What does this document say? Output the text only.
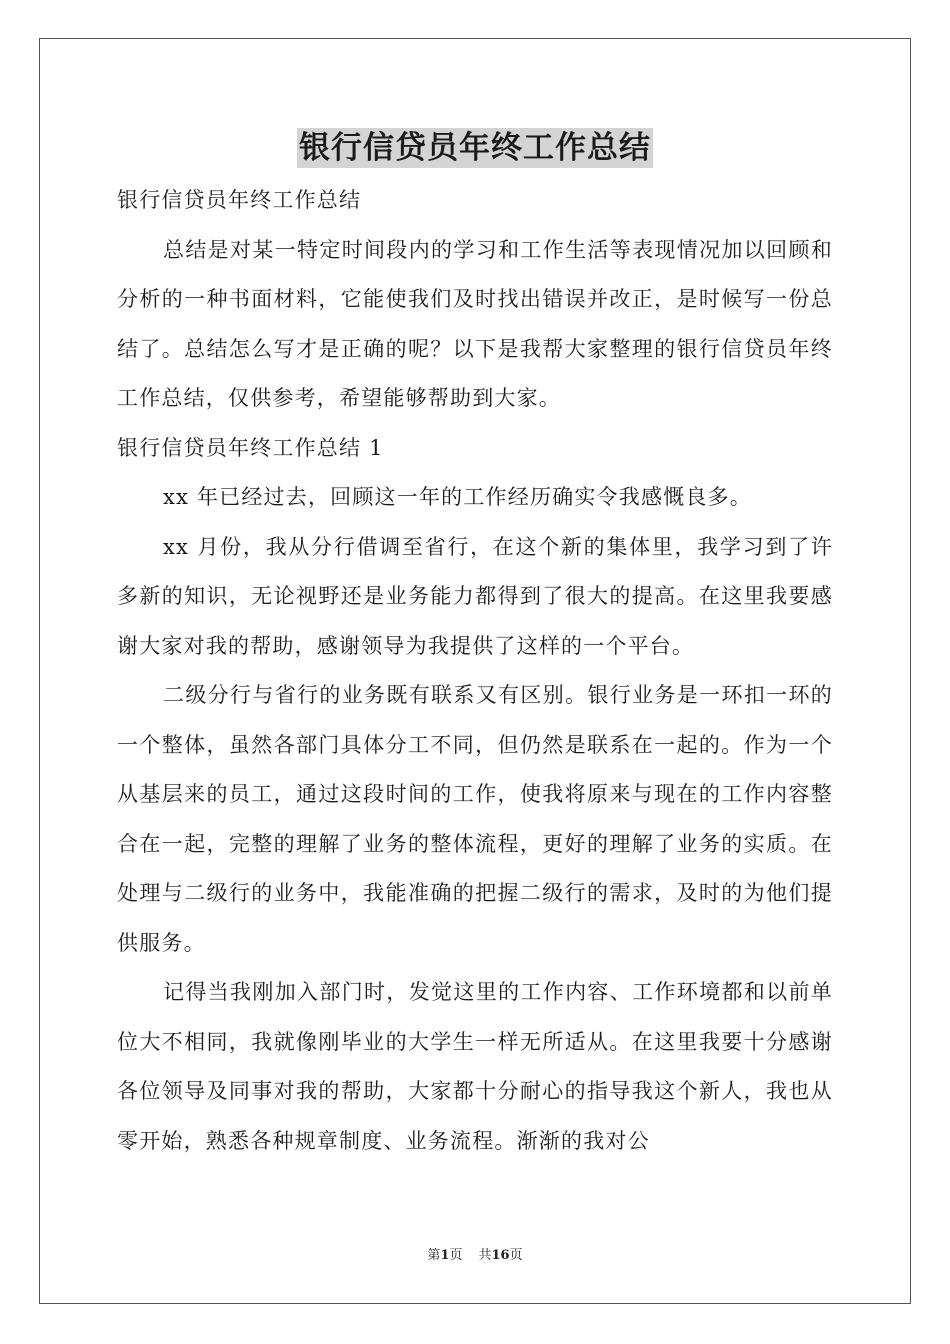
银行信贷员年终工作总结

银行信贷员年终工作总结

总结是对某一特定时间段内的学习和工作生活等表现情况加以回顾和分析的一种书面材料，它能使我们及时找出错误并改正，是时候写一份总结了。总结怎么写才是正确的呢？以下是我帮大家整理的银行信贷员年终工作总结，仅供参考，希望能够帮助到大家。

银行信贷员年终工作总结 1

xx 年已经过去，回顾这一年的工作经历确实令我感慨良多。

xx 月份，我从分行借调至省行，在这个新的集体里，我学习到了许多新的知识，无论视野还是业务能力都得到了很大的提高。在这里我要感谢大家对我的帮助，感谢领导为我提供了这样的一个平台。

二级分行与省行的业务既有联系又有区别。银行业务是一环扣一环的一个整体，虽然各部门具体分工不同，但仍然是联系在一起的。作为一个从基层来的员工，通过这段时间的工作，使我将原来与现在的工作内容整合在一起，完整的理解了业务的整体流程，更好的理解了业务的实质。在处理与二级行的业务中，我能准确的把握二级行的需求，及时的为他们提供服务。

记得当我刚加入部门时，发觉这里的工作内容、工作环境都和以前单位大不相同，我就像刚毕业的大学生一样无所适从。在这里我要十分感谢各位领导及同事对我的帮助，大家都十分耐心的指导我这个新人，我也从零开始，熟悉各种规章制度、业务流程。渐渐的我对公

第1页 共16页
